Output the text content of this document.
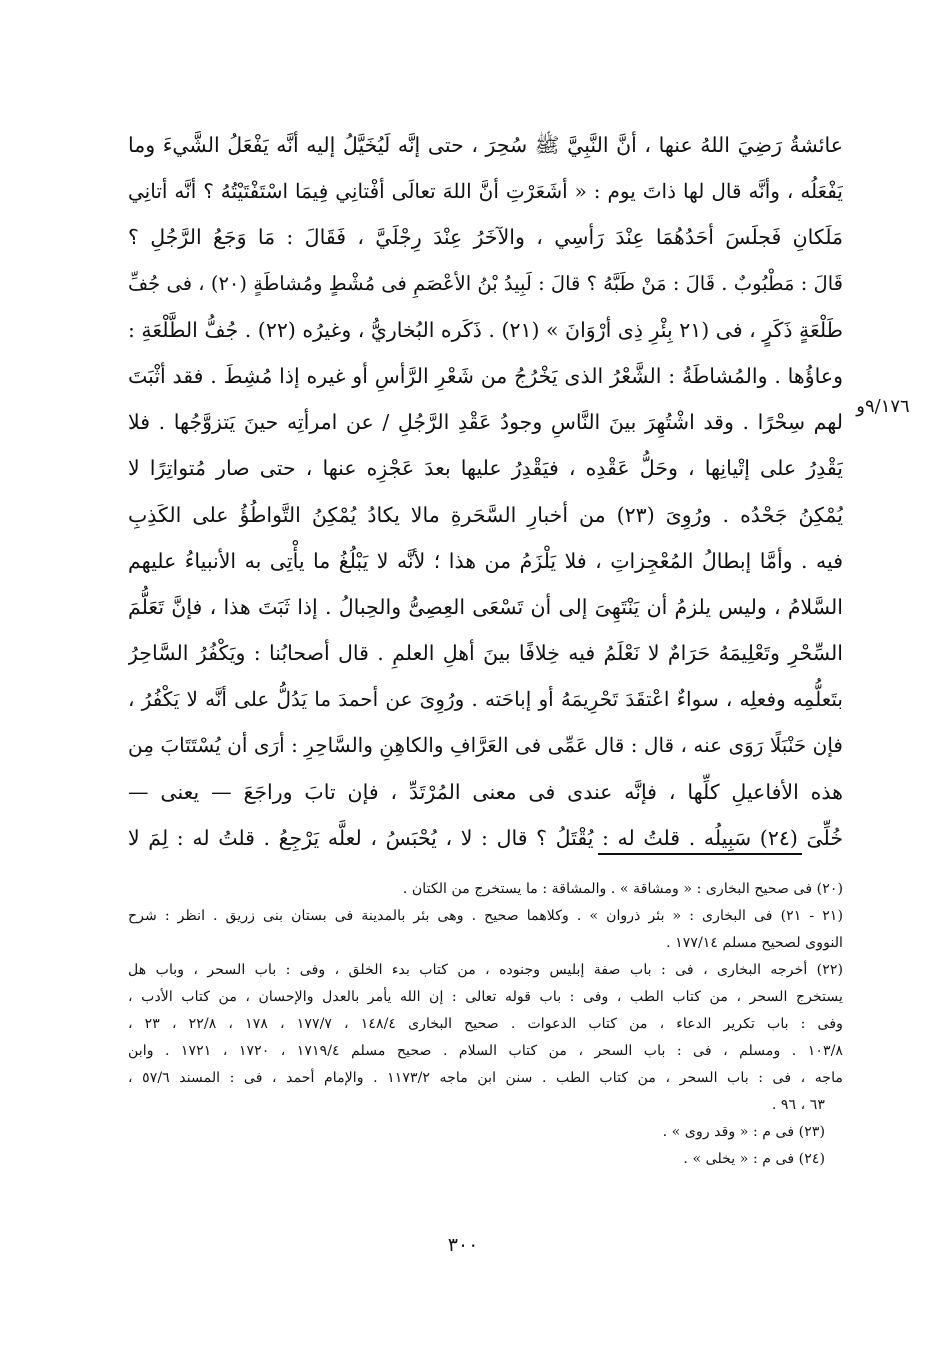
عائشةُ رَضِيَ اللهُ عنها ، أنَّ النَّبِيَّ ﷺ سُحِرَ ، حتى إنَّه لَيُخَيَّلُ إليه أنَّه يَفْعَلُ الشَّيءَ وما
يَفْعَلُه ، وأنَّه قال لها ذاتَ يوم : « أشَعَرْتِ أنَّ اللهَ تعالَى أفْتانِي فِيمَا اسْتَفْتَيْتُهُ ؟ أنَّه أتانِي
مَلَكانِ فَجلَسَ أحَدُهُمَا عِنْدَ رَأسِي ، والآخَرُ عِنْدَ رِجْلَيَّ ، فَقَالَ : مَا وَجَعُ الرَّجُلِ ؟
قَالَ : مَطْبُوبٌ . قَالَ : مَنْ طَبَّهُ ؟ قالَ : لَبِيدُ بْنُ الأعْصَمِ فى مُشْطٍ ومُشاطَةٍ (٢٠) ، فى جُفِّ
طَلْعَةٍ ذَكَرٍ ، فى (٢١ بِئْرِ ذِى أرْوَانَ » (٢١) . ذَكَره البُخاريُّ ، وغيرُه (٢٢) . جُفُّ الطَّلْعَةِ :
وعاؤُها . والمُشاطَةُ : الشَّعْرُ الذى يَخْرُجُ من شَعْرِ الرَّأسِ أو غيره إذا مُشِطَ . فقد أثْبَتَ
لهم سِحْرًا . وقد اشْتُهِرَ بينَ النَّاسِ وجودُ عَقْدِ الرَّجُلِ / عن امرأتِه حينَ يَتزوَّجُها . فلا
يَقْدِرُ على إتْيانِها ، وحَلُّ عَقْدِه ، فيَقْدِرُ عليها بعدَ عَجْزِه عنها ، حتى صار مُتواتِرًا لا
يُمْكِنُ جَحْدُه . ورُوِىَ (٢٣) من أخبارِ السَّحَرةِ مالا يكادُ يُمْكِنُ التَّواطُؤُ على الكَذِبِ
فيه . وأمَّا إبطالُ المُعْجِزاتِ ، فلا يَلْزَمُ من هذا ؛ لأنَّه لا يَبْلُغُ ما يأْتِى به الأنبياءُ عليهم
السَّلامُ ، وليس يلزمُ أن يَنْتَهِىَ إلى أن تَسْعَى العِصِىُّ والحِبالُ . إذا ثَبَتَ هذا ، فإنَّ تَعَلُّمَ
السِّحْرِ وتَعْلِيمَهُ حَرَامٌ لا نَعْلَمُ فيه خِلافًا بينَ أهلِ العلمِ . قال أصحابُنا : ويَكْفُرُ السَّاحِرُ
بتَعلُّمِه وفعلِه ، سواءٌ اعْتقَدَ تَحْرِيمَهُ أو إباحَته . ورُوِىَ عن أحمدَ ما يَدُلُّ على أنَّه لا يَكْفُرُ ،
فإن حَنْبَلًا رَوَى عنه ، قال : قال عَمِّى فى العَرَّافِ والكاهِنِ والسَّاحِرِ : أرَى أن يُسْتَتَابَ مِن
هذه الأفاعيلِ كلِّها ، فإنَّه عندى فى معنى المُرْتَدِّ ، فإن تابَ وراجَعَ — يعنى —
خُلِّىَ (٢٤) سَبِيلُه . قلتُ له : يُقْتَلُ ؟ قال : لا ، يُحْبَسُ ، لعلَّه يَرْجِعُ . قلتُ له : لِمَ لا
٩/١٧٦و
(٢٠) فى صحيح البخارى : « ومشاقة » . والمشاقة : ما يستخرج من الكتان .
(٢١ - ٢١) فى البخارى : « بئر ذروان » . وكلاهما صحيح . وهى بئر بالمدينة فى بستان بنى زريق . انظر : شرح
النووى لصحيح مسلم ١٧٧/١٤ .
(٢٢) أخرجه البخارى ، فى : باب صفة إبليس وجنوده ، من كتاب بدء الخلق ، وفى : باب السحر ، وباب هل
يستخرج السحر ، من كتاب الطب ، وفى : باب قوله تعالى : إن الله يأمر بالعدل والإحسان ، من كتاب الأدب ،
وفى : باب تكرير الدعاء ، من كتاب الدعوات . صحيح البخارى ١٤٨/٤ ، ١٧٧/٧ ، ١٧٨ ، ٢٢/٨ ، ٢٣ ،
١٠٣/٨ . ومسلم ، فى : باب السحر ، من كتاب السلام . صحيح مسلم ١٧١٩/٤ ، ١٧٢٠ ، ١٧٢١ . وابن
ماجه ، فى : باب السحر ، من كتاب الطب . سنن ابن ماجه ١١٧٣/٢ . والإمام أحمد ، فى : المسند ٥٧/٦ ،
٦٣ ، ٩٦ .
(٢٣) فى م : « وقد روى » .
(٢٤) فى م : « يخلى » .
٣٠٠
